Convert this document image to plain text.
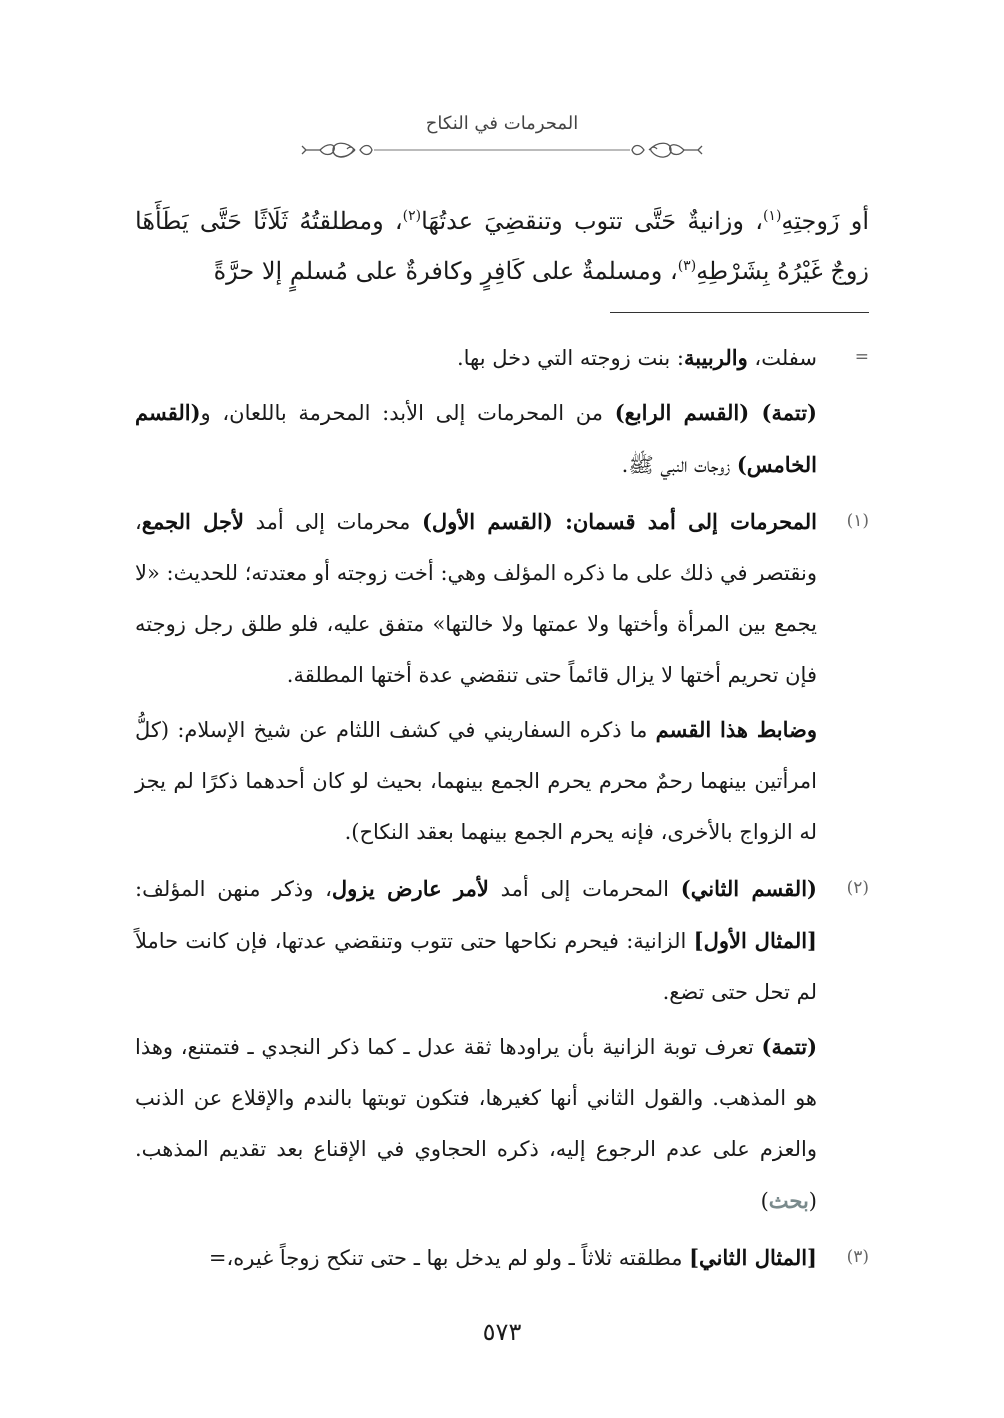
المحرمات في النكاح

أو زَوجتِهِ$^{(١)}$، وزانيةٌ حَتَّى تتوب وتنقضِيَ عدتُهَا$^{(٢)}$، ومطلقتُهُ ثَلَاثًا حَتَّى يَطَأَهَا زوجٌ غَيْرُهُ بِشَرْطِهِ$^{(٣)}$، ومسلمةٌ على كَافِرٍ وكافرةٌ على مُسلمٍ إلا حرَّةً

=

سفلت، والربيبة: بنت زوجته التي دخل بها.

(تتمة) (القسم الرابع) من المحرمات إلى الأبد: المحرمة باللعان، و(القسم الخامس) زوجات النبي ﷺ.

(١)

المحرمات إلى أمد قسمان: (القسم الأول) محرمات إلى أمد لأجل الجمع، ونقتصر في ذلك على ما ذكره المؤلف وهي: أخت زوجته أو معتدته؛ للحديث: «لا يجمع بين المرأة وأختها ولا عمتها ولا خالتها» متفق عليه، فلو طلق رجل زوجته فإن تحريم أختها لا يزال قائماً حتى تنقضي عدة أختها المطلقة.

وضابط هذا القسم ما ذكره السفاريني في كشف اللثام عن شيخ الإسلام: (كلُّ امرأتين بينهما رحمٌ محرم يحرم الجمع بينهما، بحيث لو كان أحدهما ذكرًا لم يجز له الزواج بالأخرى، فإنه يحرم الجمع بينهما بعقد النكاح).

(٢)

(القسم الثاني) المحرمات إلى أمد لأمر عارض يزول، وذكر منهن المؤلف: [المثال الأول] الزانية: فيحرم نكاحها حتى تتوب وتنقضي عدتها، فإن كانت حاملاً لم تحل حتى تضع.

(تتمة) تعرف توبة الزانية بأن يراودها ثقة عدل ـ كما ذكر النجدي ـ فتمتنع، وهذا هو المذهب. والقول الثاني أنها كغيرها، فتكون توبتها بالندم والإقلاع عن الذنب والعزم على عدم الرجوع إليه، ذكره الحجاوي في الإقناع بعد تقديم المذهب. (بحث)

(٣)

[المثال الثاني] مطلقته ثلاثاً ـ ولو لم يدخل بها ـ حتى تنكح زوجاً غيره،=

٥٧٣
